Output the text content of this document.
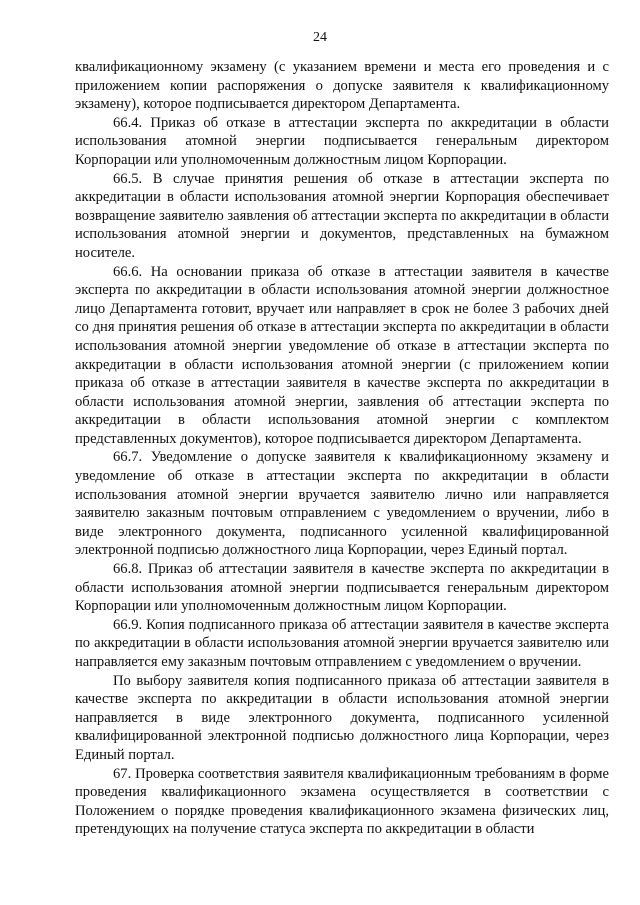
24

квалификационному экзамену (с указанием времени и места его проведения и с приложением копии распоряжения о допуске заявителя к квалификационному экзамену), которое подписывается директором Департамента.

66.4. Приказ об отказе в аттестации эксперта по аккредитации в области использования атомной энергии подписывается генеральным директором Корпорации или уполномоченным должностным лицом Корпорации.

66.5. В случае принятия решения об отказе в аттестации эксперта по аккредитации в области использования атомной энергии Корпорация обеспечивает возвращение заявителю заявления об аттестации эксперта по аккредитации в области использования атомной энергии и документов, представленных на бумажном носителе.

66.6. На основании приказа об отказе в аттестации заявителя в качестве эксперта по аккредитации в области использования атомной энергии должностное лицо Департамента готовит, вручает или направляет в срок не более 3 рабочих дней со дня принятия решения об отказе в аттестации эксперта по аккредитации в области использования атомной энергии уведомление об отказе в аттестации эксперта по аккредитации в области использования атомной энергии (с приложением копии приказа об отказе в аттестации заявителя в качестве эксперта по аккредитации в области использования атомной энергии, заявления об аттестации эксперта по аккредитации в области использования атомной энергии с комплектом представленных документов), которое подписывается директором Департамента.

66.7. Уведомление о допуске заявителя к квалификационному экзамену и уведомление об отказе в аттестации эксперта по аккредитации в области использования атомной энергии вручается заявителю лично или направляется заявителю заказным почтовым отправлением с уведомлением о вручении, либо в виде электронного документа, подписанного усиленной квалифицированной электронной подписью должностного лица Корпорации, через Единый портал.

66.8. Приказ об аттестации заявителя в качестве эксперта по аккредитации в области использования атомной энергии подписывается генеральным директором Корпорации или уполномоченным должностным лицом Корпорации.

66.9. Копия подписанного приказа об аттестации заявителя в качестве эксперта по аккредитации в области использования атомной энергии вручается заявителю или направляется ему заказным почтовым отправлением с уведомлением о вручении.

По выбору заявителя копия подписанного приказа об аттестации заявителя в качестве эксперта по аккредитации в области использования атомной энергии направляется в виде электронного документа, подписанного усиленной квалифицированной электронной подписью должностного лица Корпорации, через Единый портал.

67. Проверка соответствия заявителя квалификационным требованиям в форме проведения квалификационного экзамена осуществляется в соответствии с Положением о порядке проведения квалификационного экзамена физических лиц, претендующих на получение статуса эксперта по аккредитации в области
